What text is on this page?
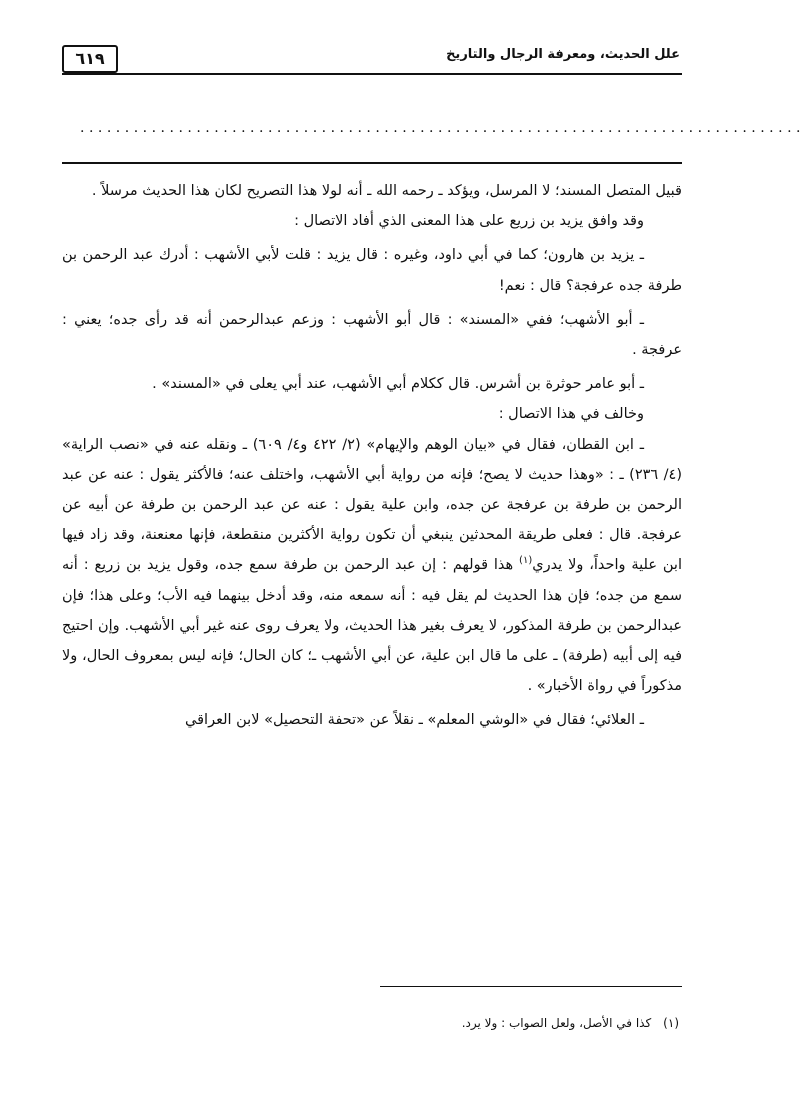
٦١٩	علل الحديث، ومعرفة الرجال والتاريخ
.................................................................................

قبيل المتصل المسند؛ لا المرسل، ويؤكد ـ رحمه الله ـ أنه لولا هذا التصريح لكان هذا الحديث مرسلاً .

وقد وافق يزيد بن زريع على هذا المعنى الذي أفاد الاتصال :

ـ يزيد بن هارون؛ كما في أبي داود، وغيره : قال يزيد : قلت لأبي الأشهب : أدرك عبد الرحمن بن طرفة جده عرفجة؟ قال : نعم!

ـ أبو الأشهب؛ ففي «المسند» : قال أبو الأشهب : وزعم عبدالرحمن أنه قد رأى جده؛ يعني : عرفجة .

ـ أبو عامر حوثرة بن أشرس. قال ككلام أبي الأشهب، عند أبي يعلى في «المسند» .

وخالف في هذا الاتصال :

ـ ابن القطان، فقال في «بيان الوهم والإيهام» (٢/ ٤٢٢ و٤/ ٦٠٩) ـ ونقله عنه في «نصب الراية» (٤/ ٢٣٦) ـ : «وهذا حديث لا يصح؛ فإنه من رواية أبي الأشهب، واختلف عنه؛ فالأكثر يقول : عنه عن عبد الرحمن بن طرفة بن عرفجة عن جده، وابن علية يقول : عنه عن عبد الرحمن بن طرفة عن أبيه عن عرفجة. قال : فعلى طريقة المحدثين ينبغي أن تكون رواية الأكثرين منقطعة، فإنها معنعنة، وقد زاد فيها ابن علية واحداً، ولا يدري$^{(١)}$ هذا قولهم : إن عبد الرحمن بن طرفة سمع جده، وقول يزيد بن زريع : أنه سمع من جده؛ فإن هذا الحديث لم يقل فيه : أنه سمعه منه، وقد أدخل بينهما فيه الأب؛ وعلى هذا؛ فإن عبدالرحمن بن طرفة المذكور، لا يعرف بغير هذا الحديث، ولا يعرف روى عنه غير أبي الأشهب. وإن احتيج فيه إلى أبيه (طرفة) ـ على ما قال ابن علية، عن أبي الأشهب ـ؛ كان الحال؛ فإنه ليس بمعروف الحال، ولا مذكوراً في رواة الأخبار» .

ـ العلائي؛ فقال في «الوشي المعلم» ـ نقلاً عن «تحفة التحصيل» لابن العراقي

(١)كذا في الأصل، ولعل الصواب : ولا يرد.
